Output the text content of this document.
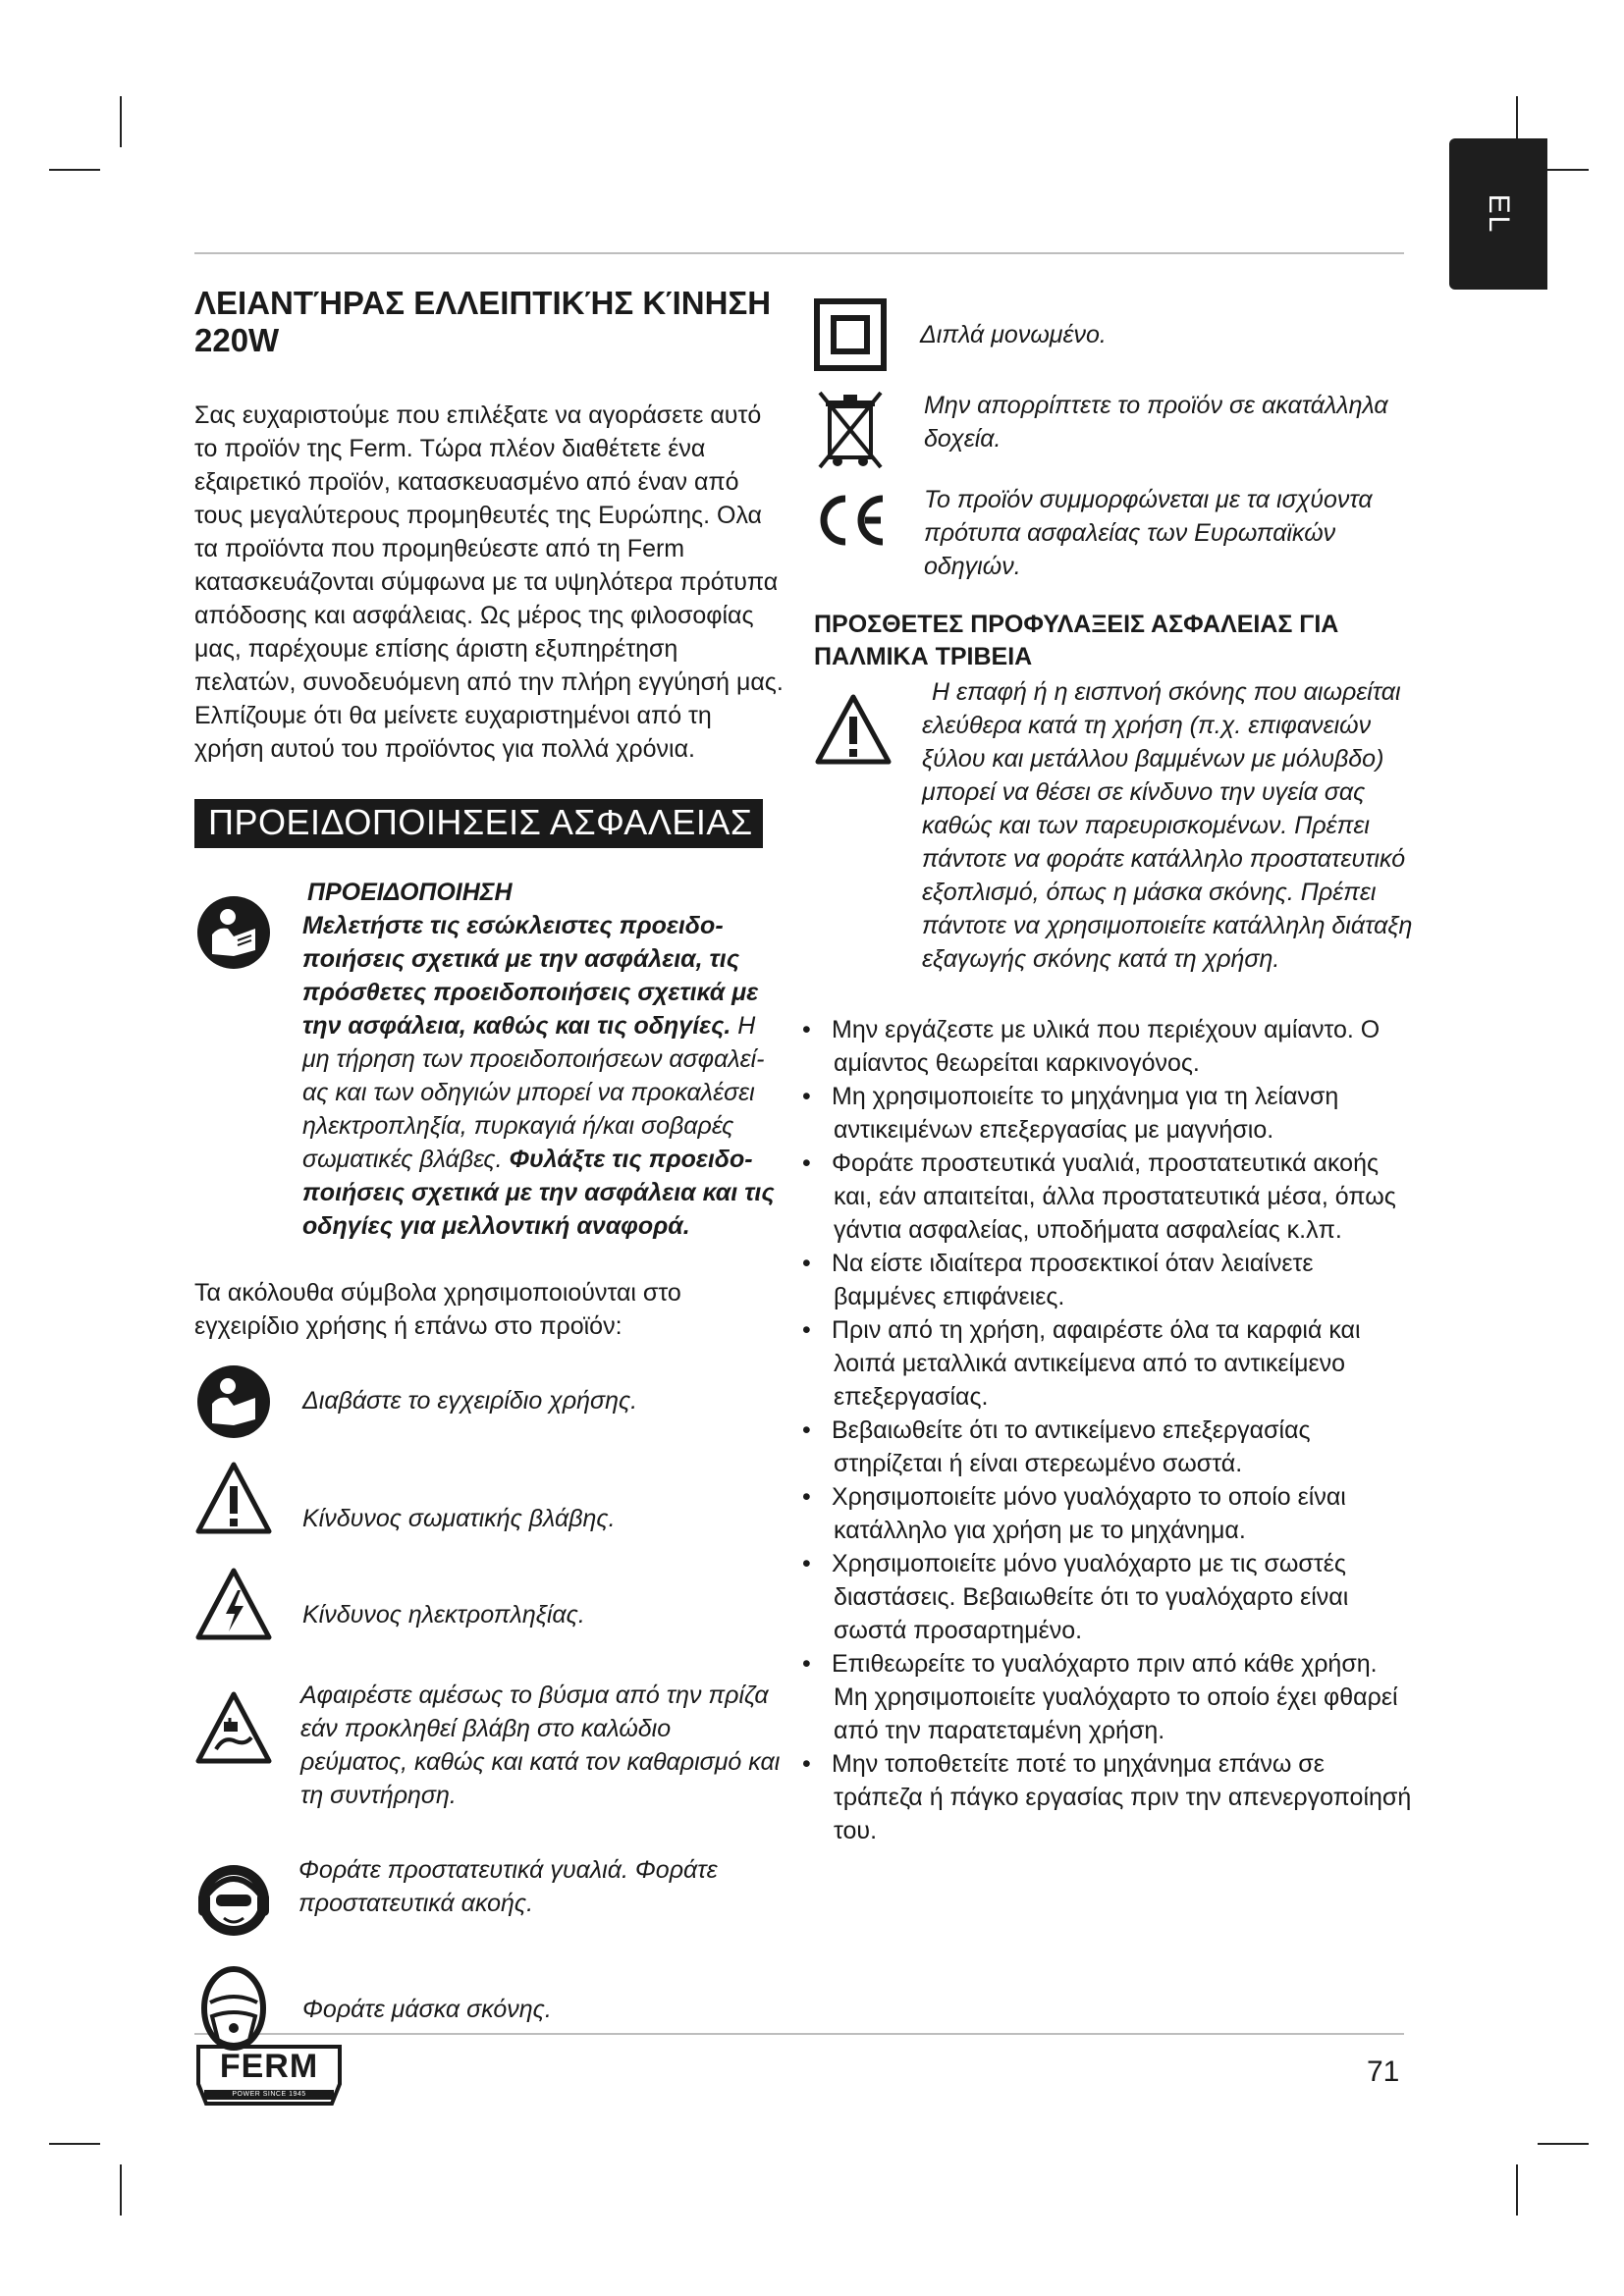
EL
ΛΕΙΑΝΤΉΡΑΣ ΕΛΛΕΙΠΤΙΚΉΣ ΚΊΝΗΣΗ 220W

Σας ευχαριστούμε που επιλέξατε να αγοράσετε αυτό το προϊόν της Ferm. Τώρα πλέον διαθέτετε ένα εξαιρετικό προϊόν, κατασκευασμένο από έναν από τους μεγαλύτερους προμηθευτές της Ευρώπης. Ολα τα προϊόντα που προμηθεύεστε από τη Ferm κατασκευάζονται σύμφωνα με τα υψηλότερα πρότυπα απόδοσης και ασφάλειας. Ως μέρος της φιλοσοφίας μας, παρέχουμε επίσης άριστη εξυπηρέτηση πελατών, συνοδευόμενη από την πλήρη εγγύησή μας. Ελπίζουμε ότι θα μείνετε ευχαριστημένοι από τη χρήση αυτού του προϊόντος για πολλά χρόνια.

ΠΡΟΕΙΔΟΠΟΙΗΣΕΙΣ ΑΣΦΑΛΕΙΑΣ
ΠΡΟΕΙΔΟΠΟΙΗΣΗ
Μελετήστε τις εσώκλειστες προειδο-ποιήσεις σχετικά με την ασφάλεια, τις πρόσθετες προειδοποιήσεις σχετικά με την ασφάλεια, καθώς και τις οδηγίες. Η μη τήρηση των προειδοποιήσεων ασφαλεί-ας και των οδηγιών μπορεί να προκαλέσει ηλεκτροπληξία, πυρκαγιά ή/και σοβαρές σωματικές βλάβες. Φυλάξτε τις προειδο-ποιήσεις σχετικά με την ασφάλεια και τις οδηγίες για μελλοντική αναφορά.

Τα ακόλουθα σύμβολα χρησιμοποιούνται στο εγχειρίδιο χρήσης ή επάνω στο προϊόν:

Διαβάστε το εγχειρίδιο χρήσης.
Κίνδυνος σωματικής βλάβης.
Κίνδυνος ηλεκτροπληξίας.
Αφαιρέστε αμέσως το βύσμα από την πρίζα εάν προκληθεί βλάβη στο καλώδιο ρεύματος, καθώς και κατά τον καθαρισμό και τη συντήρηση.
Φοράτε προστατευτικά γυαλιά. Φοράτε προστατευτικά ακοής.
Φοράτε μάσκα σκόνης.
Διπλά μονωμένο.
Μην απορρίπτετε το προϊόν σε ακατάλληλα δοχεία.
Το προϊόν συμμορφώνεται με τα ισχύοντα πρότυπα ασφαλείας των Ευρωπαϊκών οδηγιών.
ΠΡΟΣΘΕΤΕΣ ΠΡΟΦΥΛΑΞΕΙΣ ΑΣΦΑΛΕΙΑΣ ΓΙΑ ΠΑΛΜΙΚΑ ΤΡΙΒΕΙΑ
Η επαφή ή η εισπνοή σκόνης που αιωρείται ελεύθερα κατά τη χρήση (π.χ. επιφανειών ξύλου και μετάλλου βαμμένων με μόλυβδο) μπορεί να θέσει σε κίνδυνο την υγεία σας καθώς και των παρευρισκομένων. Πρέπει πάντοτε να φοράτε κατάλληλο προστατευτικό εξοπλισμό, όπως η μάσκα σκόνης. Πρέπει πάντοτε να χρησιμοποιείτε κατάλληλη διάταξη εξαγωγής σκόνης κατά τη χρήση.
• Μην εργάζεστε με υλικά που περιέχουν αμίαντο. Ο αμίαντος θεωρείται καρκινογόνος.
• Μη χρησιμοποιείτε το μηχάνημα για τη λείανση αντικειμένων επεξεργασίας με μαγνήσιο.
• Φοράτε προστευτικά γυαλιά, προστατευτικά ακοής και, εάν απαιτείται, άλλα προστατευτικά μέσα, όπως γάντια ασφαλείας, υποδήματα ασφαλείας κ.λπ.
• Να είστε ιδιαίτερα προσεκτικοί όταν λειαίνετε βαμμένες επιφάνειες.
• Πριν από τη χρήση, αφαιρέστε όλα τα καρφιά και λοιπά μεταλλικά αντικείμενα από το αντικείμενο επεξεργασίας.
• Βεβαιωθείτε ότι το αντικείμενο επεξεργασίας στηρίζεται ή είναι στερεωμένο σωστά.
• Χρησιμοποιείτε μόνο γυαλόχαρτο το οποίο είναι κατάλληλο για χρήση με το μηχάνημα.
• Χρησιμοποιείτε μόνο γυαλόχαρτο με τις σωστές διαστάσεις. Βεβαιωθείτε ότι το γυαλόχαρτο είναι σωστά προσαρτημένο.
• Επιθεωρείτε το γυαλόχαρτο πριν από κάθε χρήση. Μη χρησιμοποιείτε γυαλόχαρτο το οποίο έχει φθαρεί από την παρατεταμένη χρήση.
• Μην τοποθετείτε ποτέ το μηχάνημα επάνω σε τράπεζα ή πάγκο εργασίας πριν την απενεργοποίησή του.
FERM
POWER SINCE 1945
71
